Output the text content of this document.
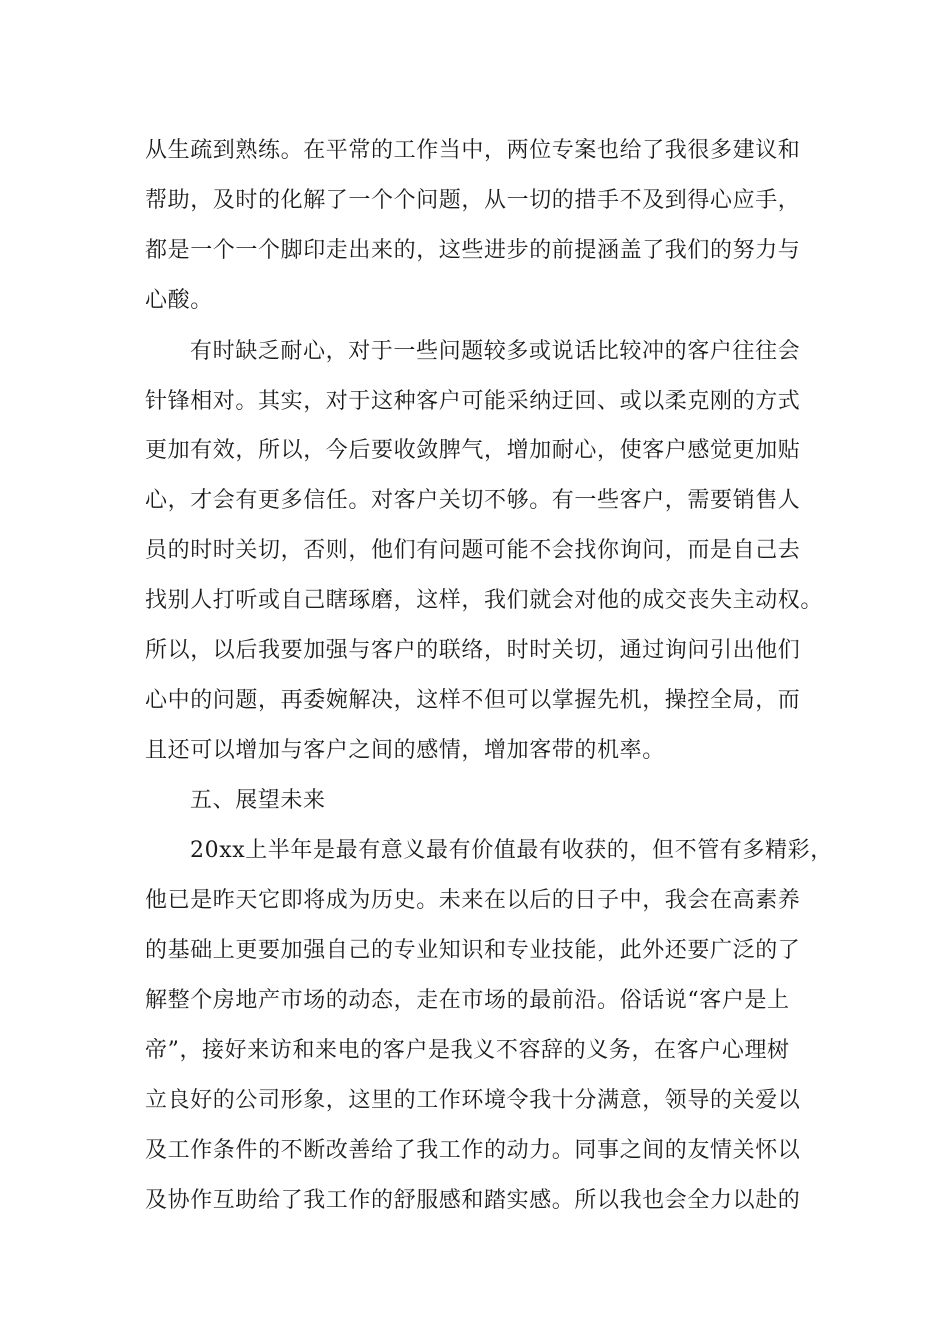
从生疏到熟练。在平常的工作当中，两位专案也给了我很多建议和
帮助，及时的化解了一个个问题，从一切的措手不及到得心应手，
都是一个一个脚印走出来的，这些进步的前提涵盖了我们的努力与
心酸。
有时缺乏耐心，对于一些问题较多或说话比较冲的客户往往会
针锋相对。其实，对于这种客户可能采纳迂回、或以柔克刚的方式
更加有效，所以，今后要收敛脾气，增加耐心，使客户感觉更加贴
心，才会有更多信任。对客户关切不够。有一些客户，需要销售人
员的时时关切，否则，他们有问题可能不会找你询问，而是自己去
找别人打听或自己瞎琢磨，这样，我们就会对他的成交丧失主动权。
所以，以后我要加强与客户的联络，时时关切，通过询问引出他们
心中的问题，再委婉解决，这样不但可以掌握先机，操控全局，而
且还可以增加与客户之间的感情，增加客带的机率。
五、展望未来
20xx上半年是最有意义最有价值最有收获的，但不管有多精彩，
他已是昨天它即将成为历史。未来在以后的日子中，我会在高素养
的基础上更要加强自己的专业知识和专业技能，此外还要广泛的了
解整个房地产市场的动态，走在市场的最前沿。俗话说“客户是上
帝”，接好来访和来电的客户是我义不容辞的义务，在客户心理树
立良好的公司形象，这里的工作环境令我十分满意，领导的关爱以
及工作条件的不断改善给了我工作的动力。同事之间的友情关怀以
及协作互助给了我工作的舒服感和踏实感。所以我也会全力以赴的
